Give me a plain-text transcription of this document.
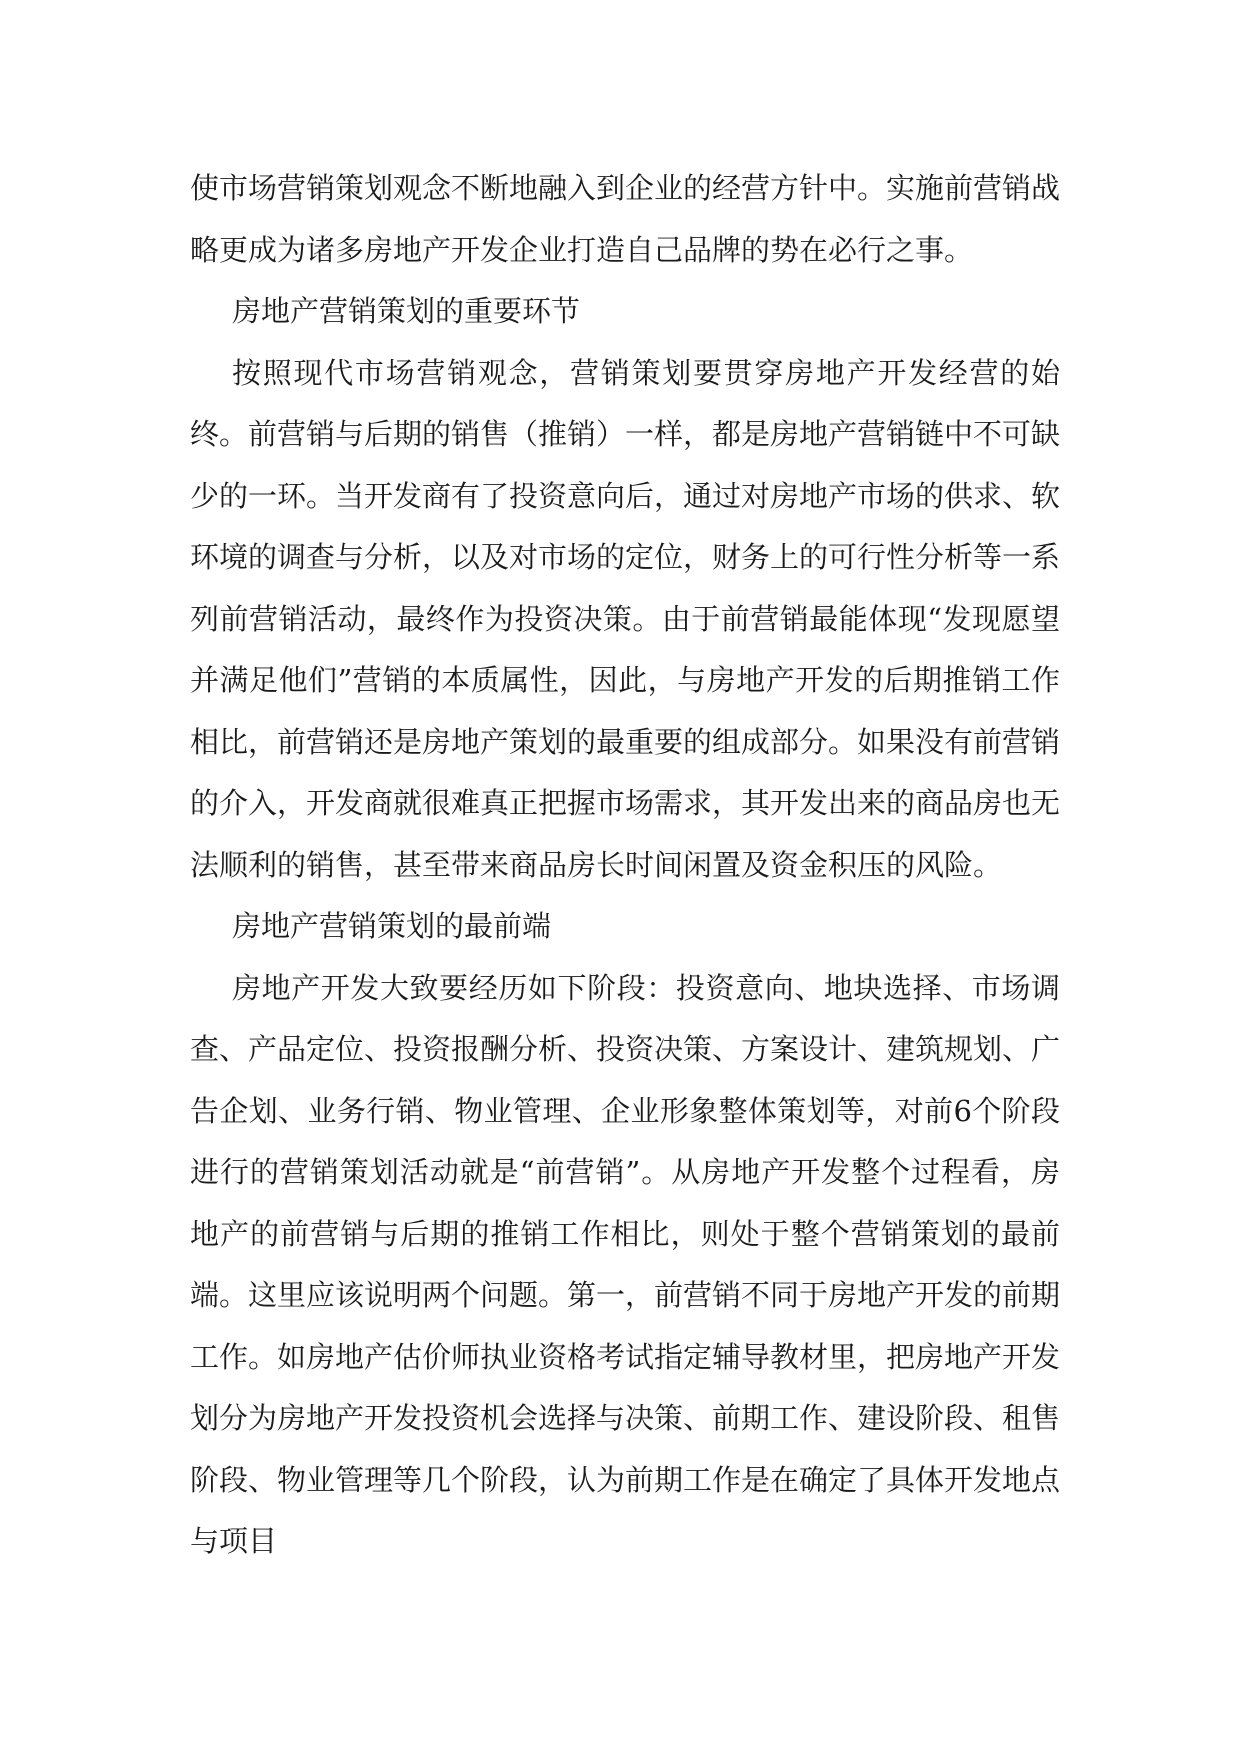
使市场营销策划观念不断地融入到企业的经营方针中。实施前营销战略更成为诸多房地产开发企业打造自己品牌的势在必行之事。

房地产营销策划的重要环节

按照现代市场营销观念，营销策划要贯穿房地产开发经营的始终。前营销与后期的销售（推销）一样，都是房地产营销链中不可缺少的一环。当开发商有了投资意向后，通过对房地产市场的供求、软环境的调查与分析，以及对市场的定位，财务上的可行性分析等一系列前营销活动，最终作为投资决策。由于前营销最能体现“发现愿望并满足他们”营销的本质属性，因此，与房地产开发的后期推销工作相比，前营销还是房地产策划的最重要的组成部分。如果没有前营销的介入，开发商就很难真正把握市场需求，其开发出来的商品房也无法顺利的销售，甚至带来商品房长时间闲置及资金积压的风险。

房地产营销策划的最前端

房地产开发大致要经历如下阶段：投资意向、地块选择、市场调查、产品定位、投资报酬分析、投资决策、方案设计、建筑规划、广告企划、业务行销、物业管理、企业形象整体策划等，对前6个阶段进行的营销策划活动就是“前营销”。从房地产开发整个过程看，房地产的前营销与后期的推销工作相比，则处于整个营销策划的最前端。这里应该说明两个问题。第一，前营销不同于房地产开发的前期工作。如房地产估价师执业资格考试指定辅导教材里，把房地产开发划分为房地产开发投资机会选择与决策、前期工作、建设阶段、租售阶段、物业管理等几个阶段，认为前期工作是在确定了具体开发地点与项目
